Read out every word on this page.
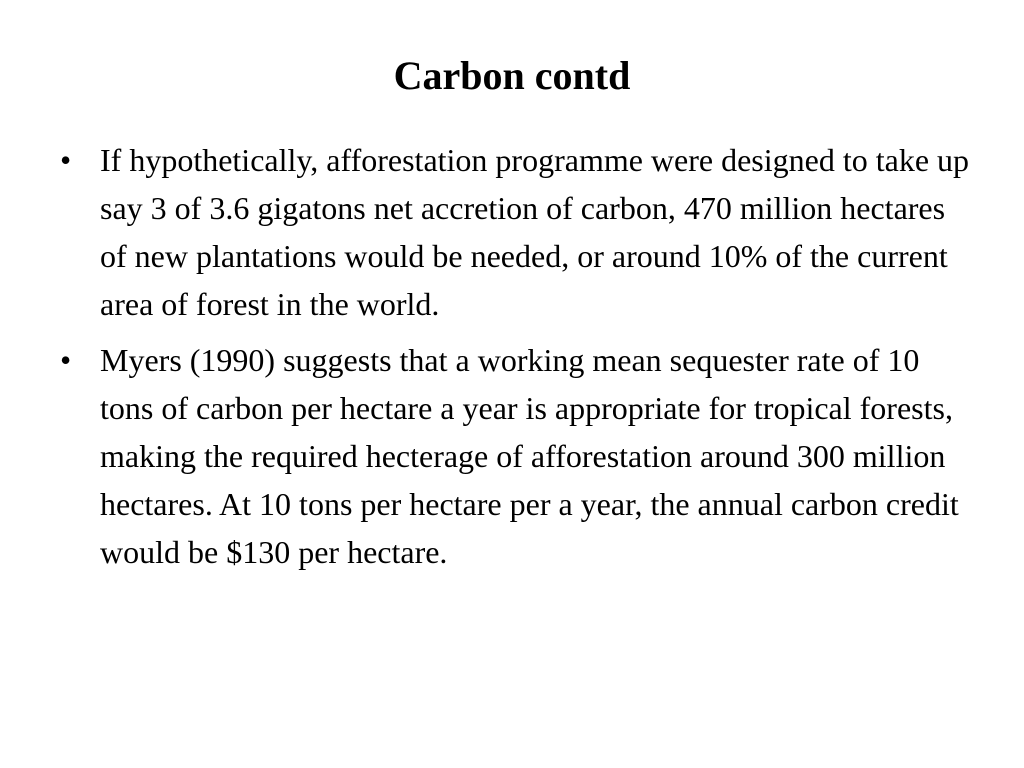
Carbon contd
• If hypothetically, afforestation programme were designed to take up say 3 of 3.6 gigatons net accretion of carbon, 470 million hectares of new plantations would be needed, or around 10% of the current area of forest in the world.
• Myers (1990) suggests that a working mean sequester rate of 10 tons of carbon per hectare a year is appropriate for tropical forests, making the required hecterage of afforestation around 300 million hectares. At 10 tons per hectare per a year, the annual carbon credit would be $130 per hectare.
